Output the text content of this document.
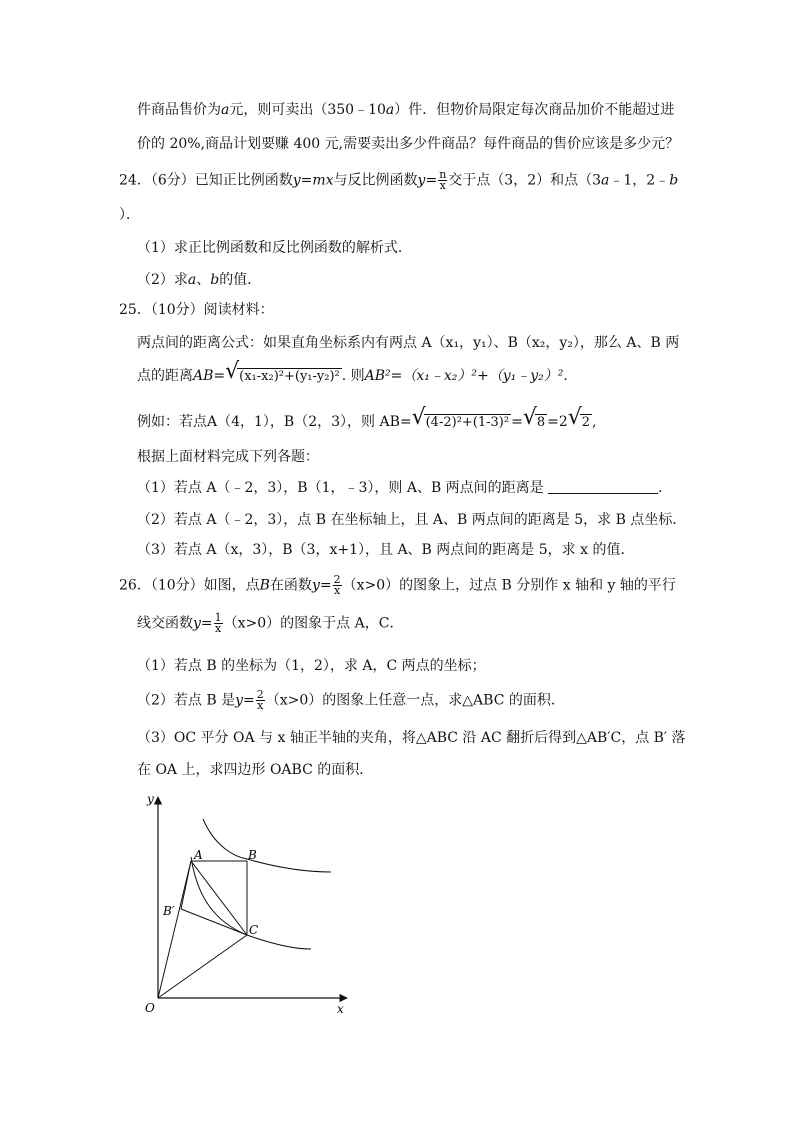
件商品售价为a元，则可卖出（350﹣10a）件．但物价局限定每次商品加价不能超过进
价的 20%,商品计划要赚 400 元,需要卖出多少件商品？每件商品的售价应该是多少元？
24．（6分）已知正比例函数y=mx与反比例函数$y= \frac{n}{x}$ 交于点（3，2）和点（3a﹣1，2﹣b
）．
（1）求正比例函数和反比例函数的解析式．
（2）求a、b的值．
25．（10分）阅读材料：
两点间的距离公式：如果直角坐标系内有两点 A（x₁，y₁）、B（x₂，y₂），那么 A、B 两
点的距离AB= √ (x₁-x₂)²+(y₁-y₂)² . 则AB²=（x₁﹣x₂）²+（y₁﹣y₂）².
例如：若点A（4，1），B（2，3），则 AB= √ (4-2)²+(1-3)² = √ 8 =2 √ 2 ,
根据上面材料完成下列各题：
（1）若点 A（﹣2，3），B（1，﹣3），则 A、B 两点间的距离是	．
（2）若点 A（﹣2，3），点 B 在坐标轴上，且 A、B 两点间的距离是 5，求 B 点坐标．
（3）若点 A（x，3），B（3，x+1），且 A、B 两点间的距离是 5，求 x 的值．
26．（10分）如图，点B在函数$y= \frac{2}{x} (x>0)$的图象上，过点 B 分别作 x 轴和 y 轴的平行
线交函数$y= \frac{1}{x} (x>0)$的图象于点 A，C．
（1）若点 B 的坐标为（1，2），求 A，C 两点的坐标；
（2）若点 B 是$y= \frac{2}{x} (x>0)$的图象上任意一点，求△ABC 的面积．
（3）OC 平分 OA 与 x 轴正半轴的夹角，将△ABC 沿 AC 翻折后得到△AB′C，点 B′ 落
在 OA 上，求四边形 OABC 的面积．
y
x
O
A	B
B′
C
